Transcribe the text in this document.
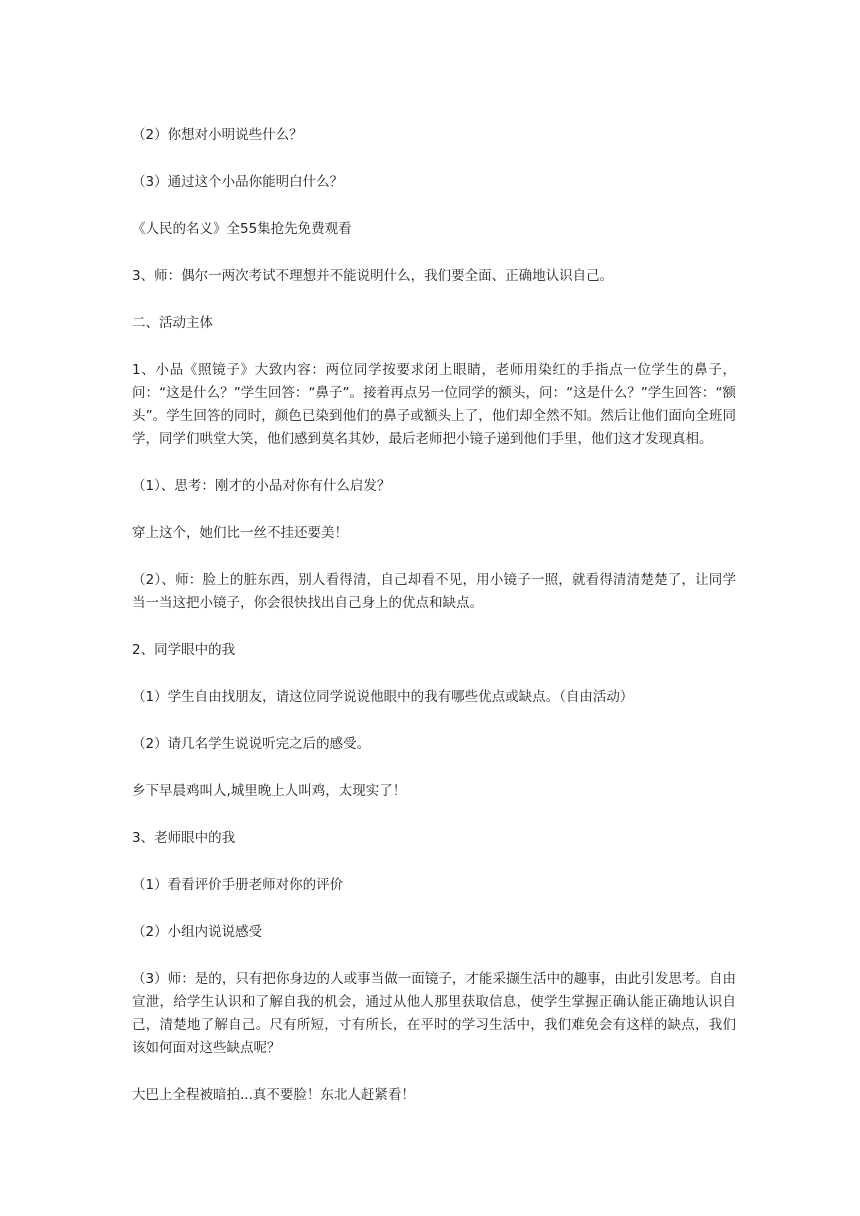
（2）你想对小明说些什么？

（3）通过这个小品你能明白什么？

《人民的名义》全55集抢先免费观看

3、师：偶尔一两次考试不理想并不能说明什么，我们要全面、正确地认识自己。

二、活动主体

1、小品《照镜子》大致内容：两位同学按要求闭上眼睛，老师用染红的手指点一位学生的鼻子，问：“这是什么？”学生回答：“鼻子”。接着再点另一位同学的额头，问：“这是什么？”学生回答：“额头”。学生回答的同时，颜色已染到他们的鼻子或额头上了，他们却全然不知。然后让他们面向全班同学，同学们哄堂大笑，他们感到莫名其妙，最后老师把小镜子递到他们手里，他们这才发现真相。

（1）、思考：刚才的小品对你有什么启发？

穿上这个，她们比一丝不挂还要美！

（2）、师：脸上的脏东西，别人看得清，自己却看不见，用小镜子一照，就看得清清楚楚了，让同学当一当这把小镜子，你会很快找出自己身上的优点和缺点。

2、同学眼中的我

（1）学生自由找朋友，请这位同学说说他眼中的我有哪些优点或缺点。（自由活动）

（2）请几名学生说说听完之后的感受。

乡下早晨鸡叫人,城里晚上人叫鸡，太现实了！

3、老师眼中的我

（1）看看评价手册老师对你的评价

（2）小组内说说感受

（3）师：是的，只有把你身边的人或事当做一面镜子，才能采撷生活中的趣事，由此引发思考。自由宣泄，给学生认识和了解自我的机会，通过从他人那里获取信息，使学生掌握正确认能正确地认识自己，清楚地了解自己。尺有所短，寸有所长，在平时的学习生活中，我们难免会有这样的缺点，我们该如何面对这些缺点呢？

大巴上全程被暗拍...真不要脸！东北人赶紧看！
